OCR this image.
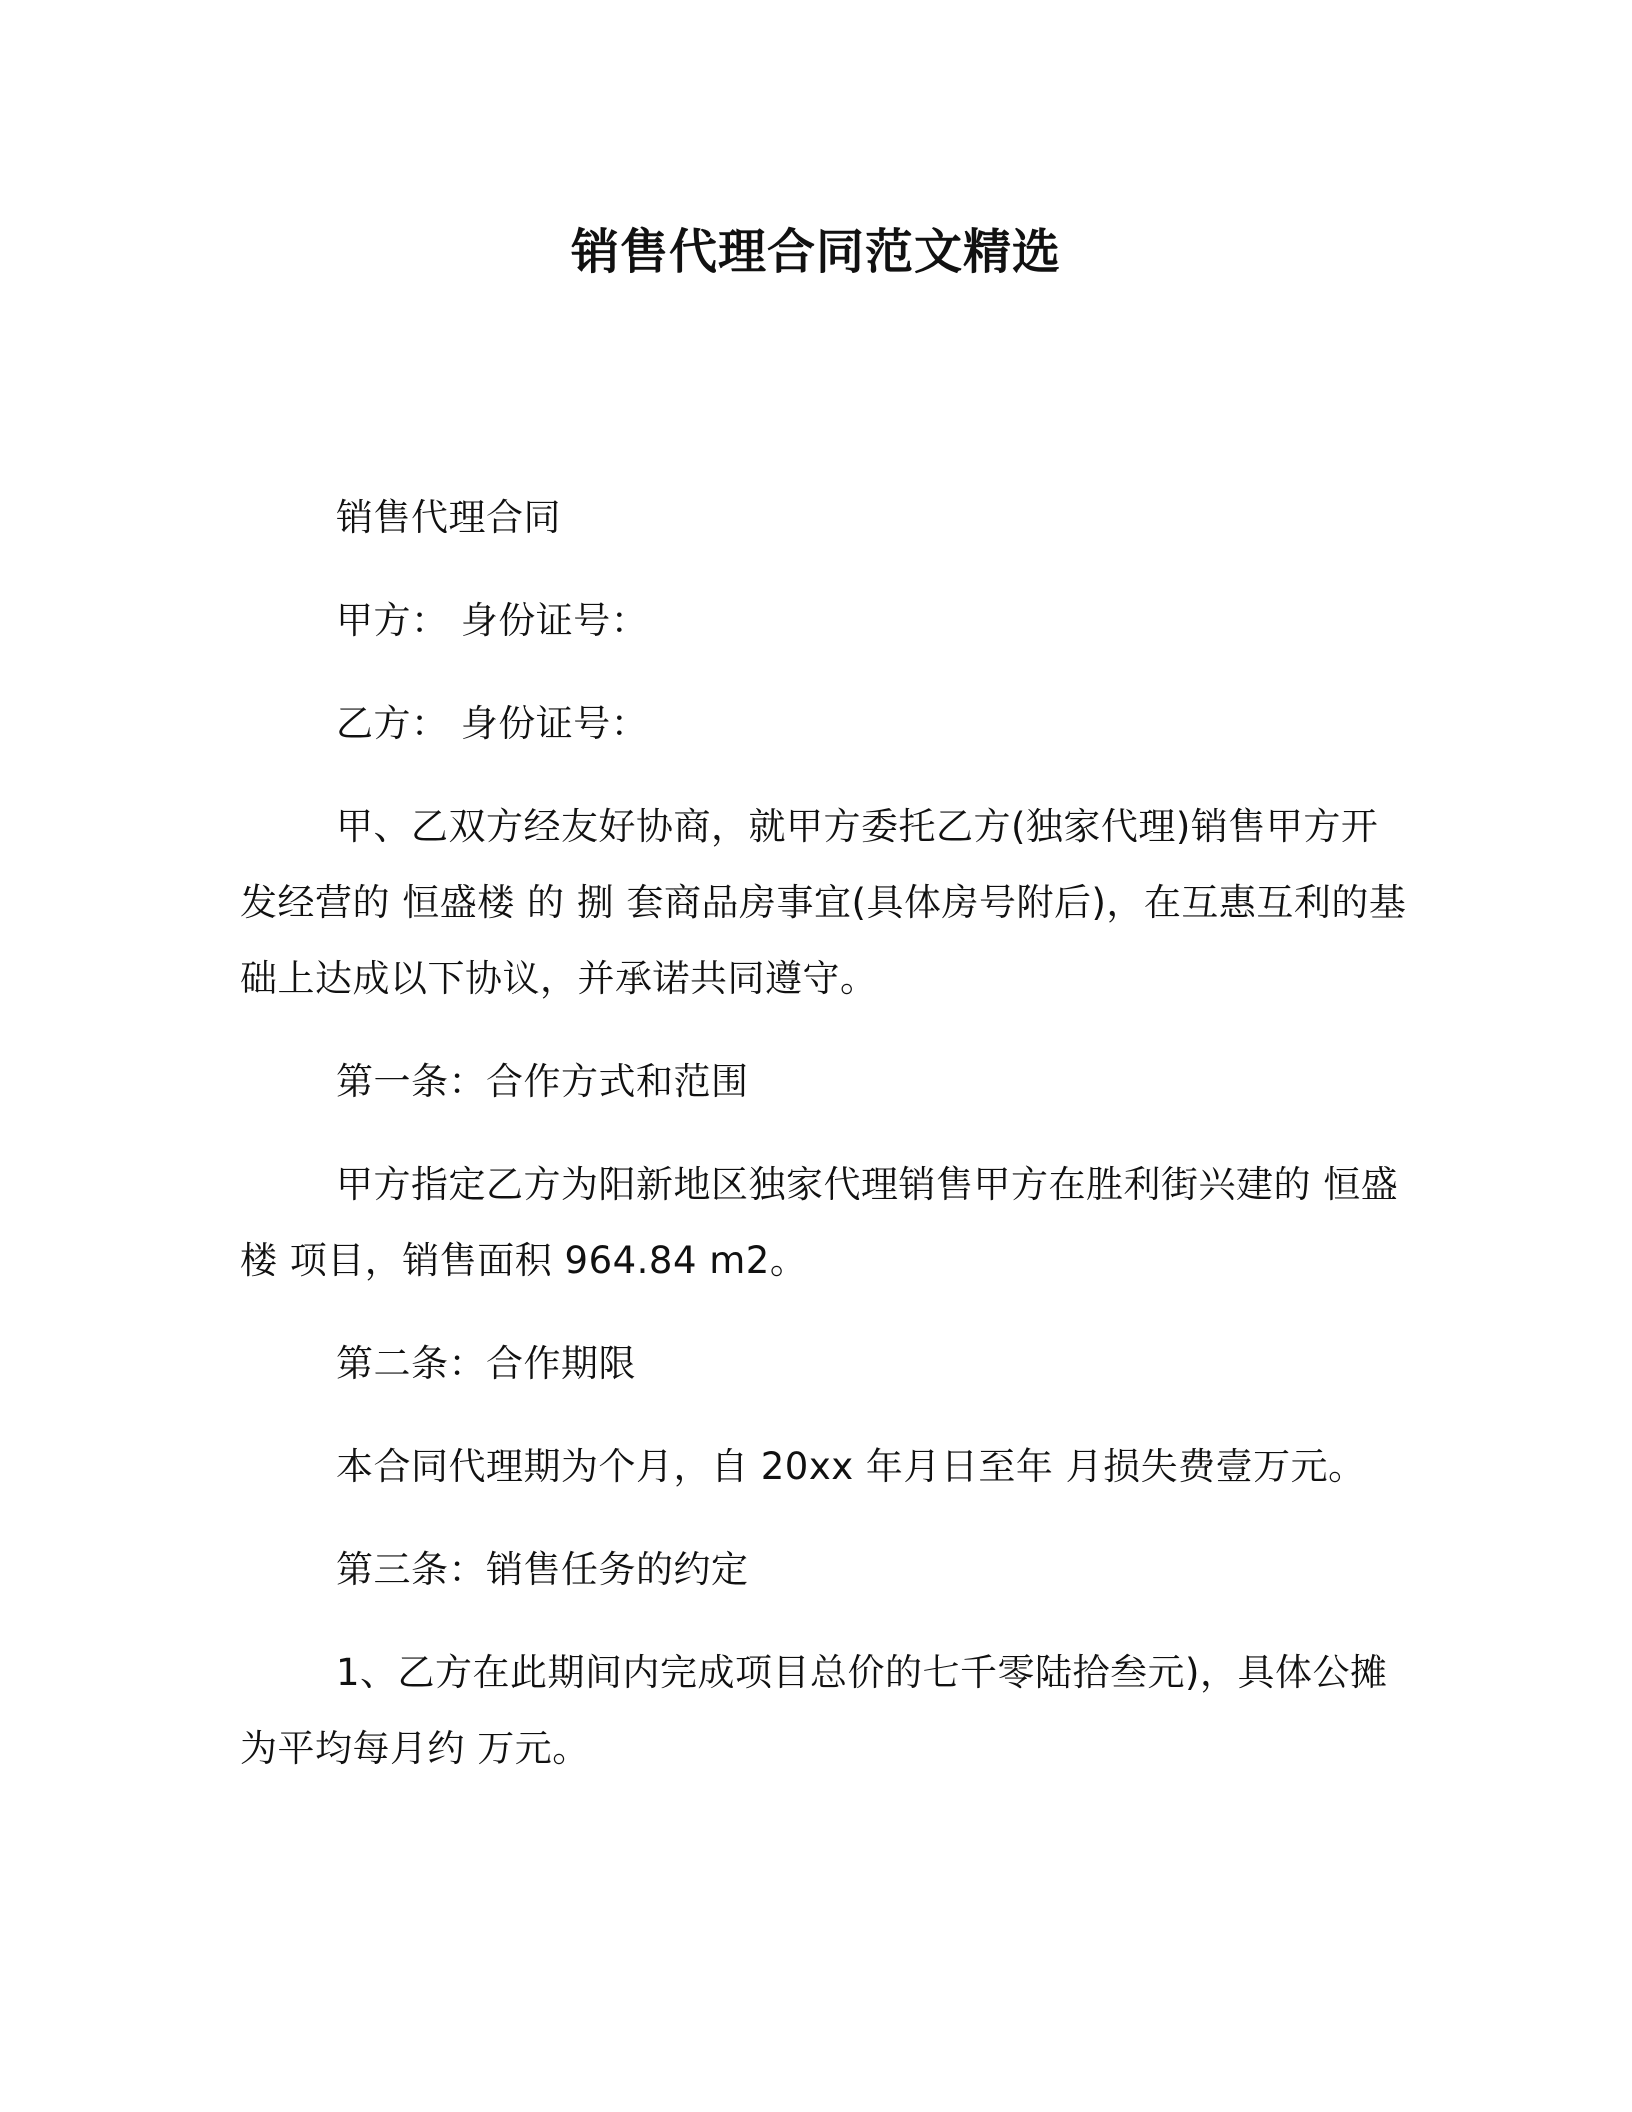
销售代理合同范文精选
销售代理合同
甲方： 身份证号：
乙方： 身份证号：
甲、乙双方经友好协商，就甲方委托乙方(独家代理)销售甲方开
发经营的 恒盛楼 的 捌 套商品房事宜(具体房号附后)，在互惠互利的基
础上达成以下协议，并承诺共同遵守。
第一条：合作方式和范围
甲方指定乙方为阳新地区独家代理销售甲方在胜利街兴建的 恒盛
楼 项目，销售面积 964.84 m2。
第二条：合作期限
本合同代理期为个月，自 20xx 年月日至年 月损失费壹万元。
第三条：销售任务的约定
1、乙方在此期间内完成项目总价的七千零陆拾叁元)，具体公摊
为平均每月约 万元。
